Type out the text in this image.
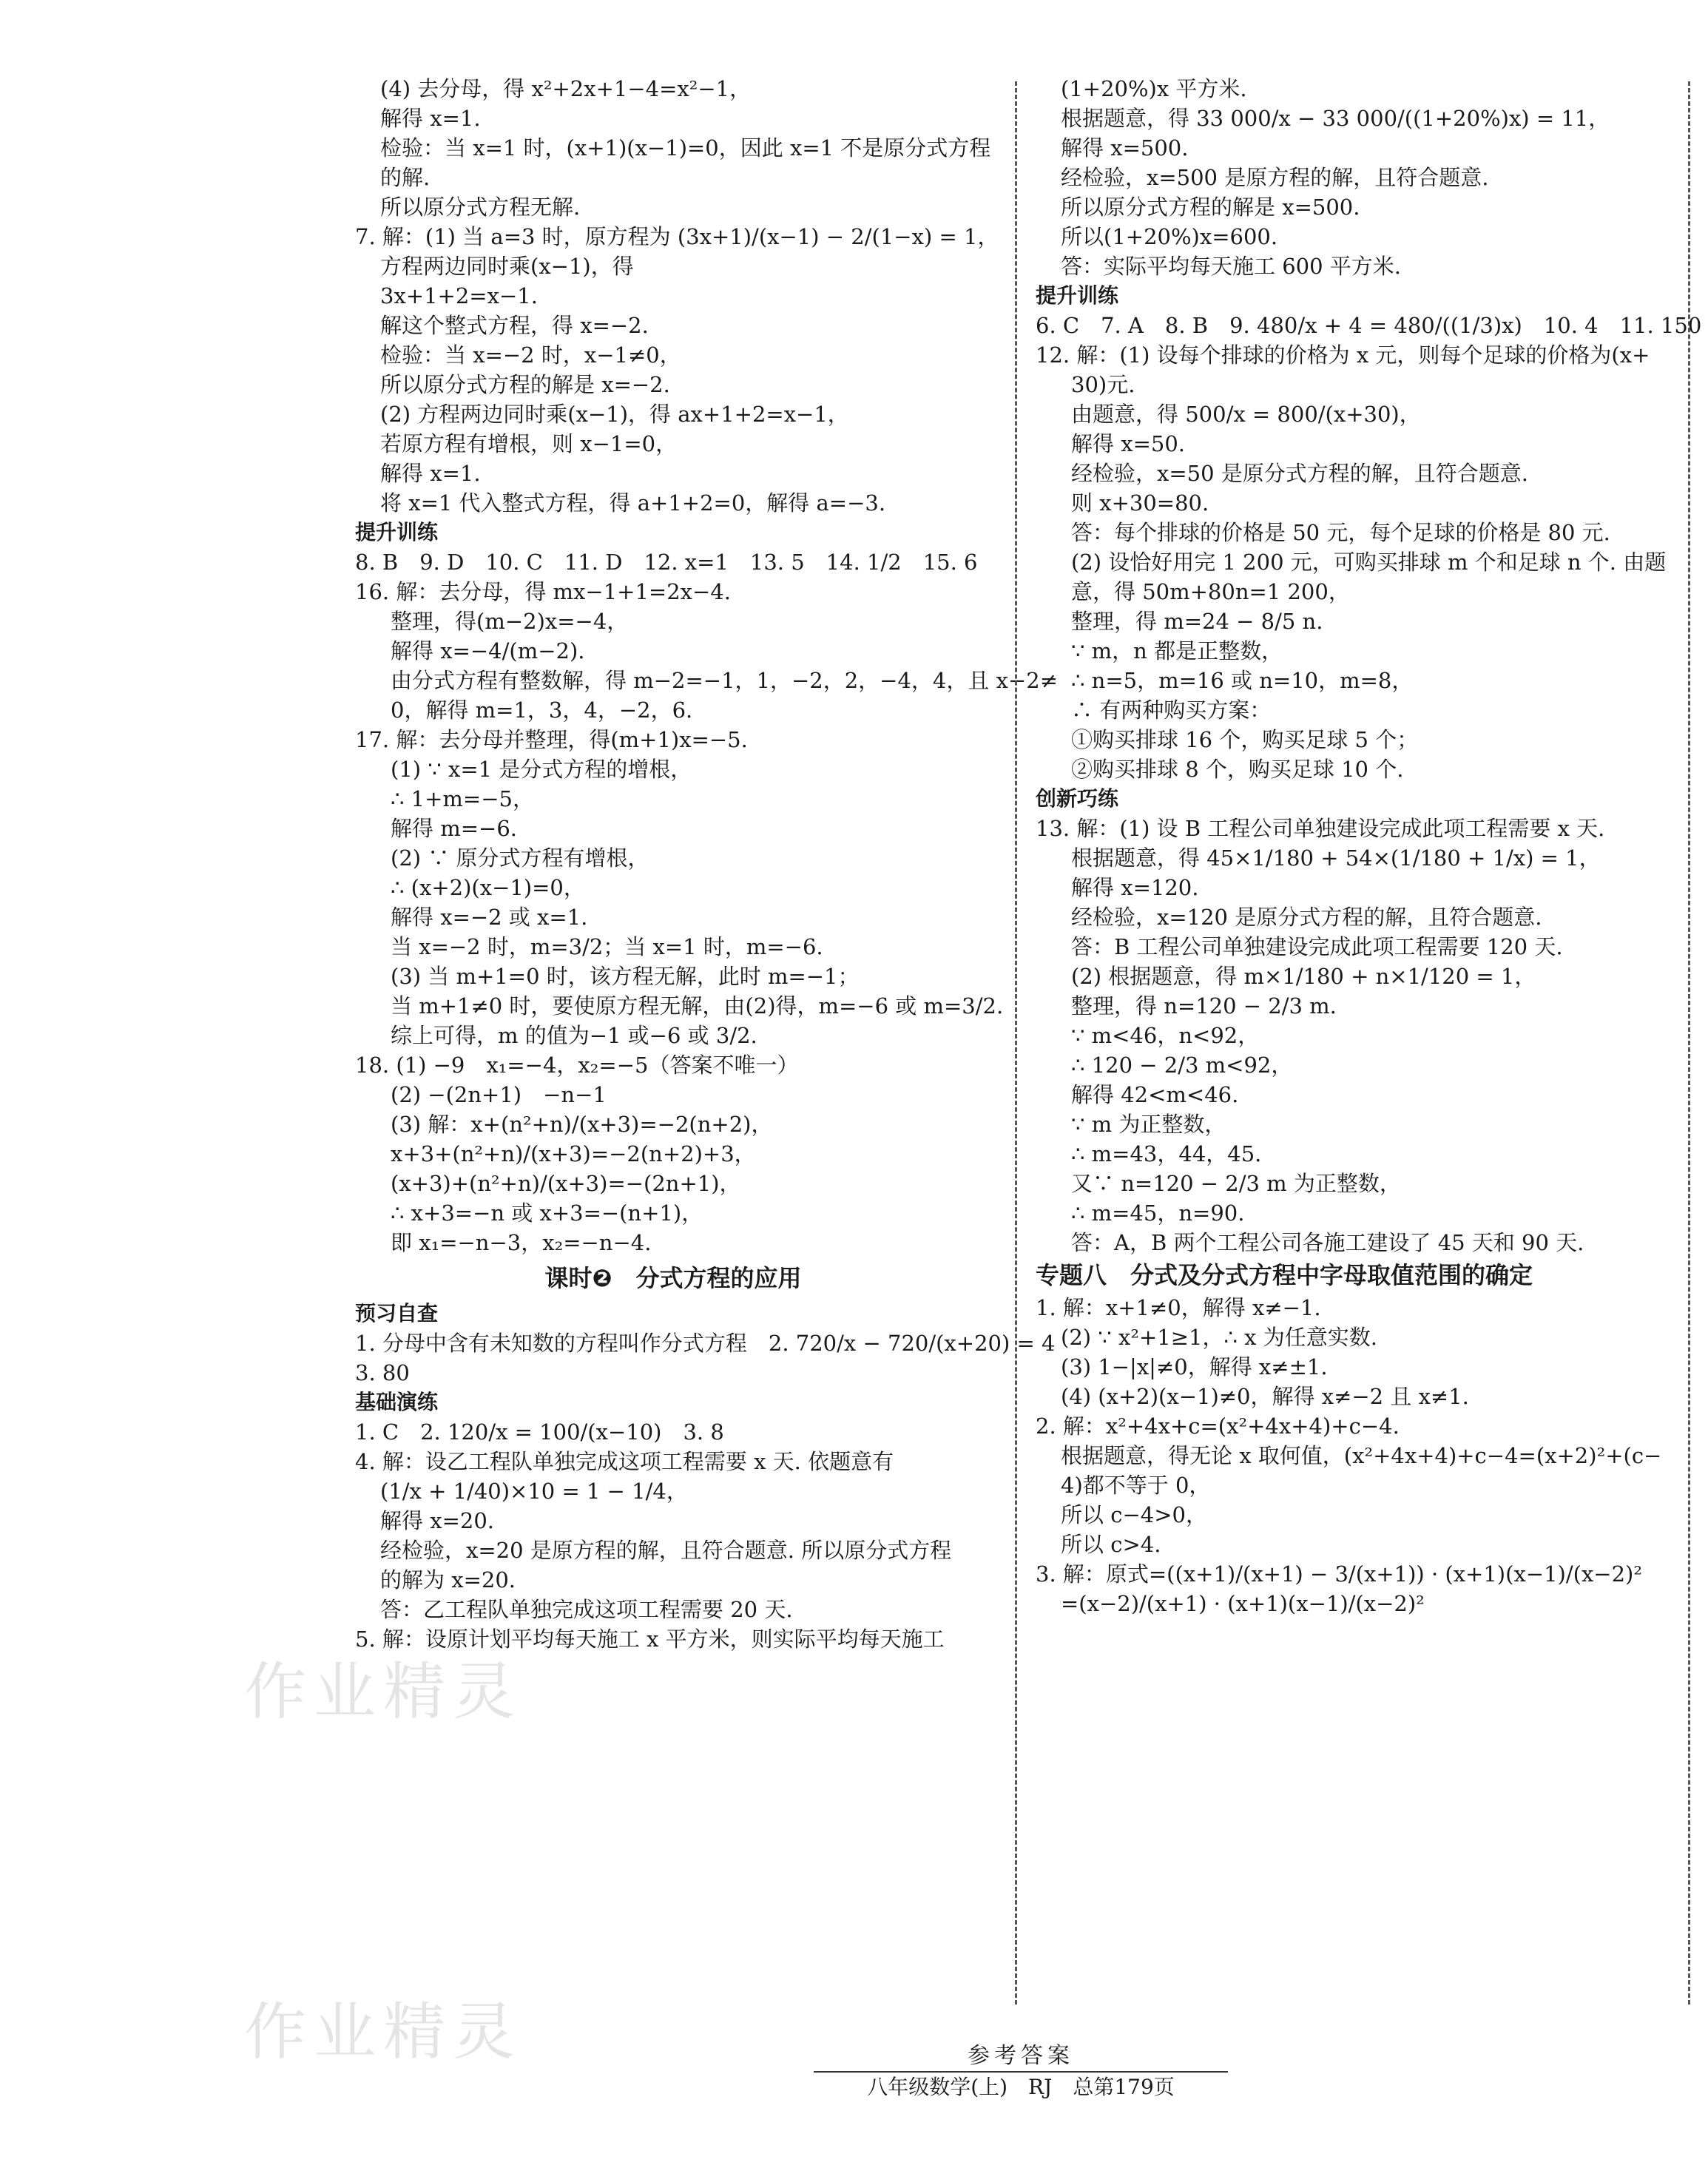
(4) 去分母，得 x²+2x+1−4=x²−1，

解得 x=1.

检验：当 x=1 时，(x+1)(x−1)=0，因此 x=1 不是原分式方程

的解.

所以原分式方程无解.

7. 解：(1) 当 a=3 时，原方程为 (3x+1)/(x−1) − 2/(1−x) = 1，

方程两边同时乘(x−1)，得

3x+1+2=x−1.

解这个整式方程，得 x=−2.

检验：当 x=−2 时，x−1≠0，

所以原分式方程的解是 x=−2.

(2) 方程两边同时乘(x−1)，得 ax+1+2=x−1，

若原方程有增根，则 x−1=0，

解得 x=1.

将 x=1 代入整式方程，得 a+1+2=0，解得 a=−3.

提升训练

8. B　9. D　10. C　11. D　12. x=1　13. 5　14. 1/2　15. 6

16. 解：去分母，得 mx−1+1=2x−4.

整理，得(m−2)x=−4，

解得 x=−4/(m−2).

由分式方程有整数解，得 m−2=−1，1，−2，2，−4，4，且 x−2≠

0，解得 m=1，3，4，−2，6.

17. 解：去分母并整理，得(m+1)x=−5.

(1) ∵ x=1 是分式方程的增根，

∴ 1+m=−5，

解得 m=−6.

(2) ∵ 原分式方程有增根，

∴ (x+2)(x−1)=0，

解得 x=−2 或 x=1.

当 x=−2 时，m=3/2；当 x=1 时，m=−6.

(3) 当 m+1=0 时，该方程无解，此时 m=−1；

当 m+1≠0 时，要使原方程无解，由(2)得，m=−6 或 m=3/2.

综上可得，m 的值为−1 或−6 或 3/2.

18. (1) −9　x₁=−4，x₂=−5（答案不唯一）

(2) −(2n+1)　−n−1

(3) 解：x+(n²+n)/(x+3)=−2(n+2)，

x+3+(n²+n)/(x+3)=−2(n+2)+3，

(x+3)+(n²+n)/(x+3)=−(2n+1)，

∴ x+3=−n 或 x+3=−(n+1)，

即 x₁=−n−3，x₂=−n−4.

课时❷　分式方程的应用

预习自查

1. 分母中含有未知数的方程叫作分式方程　2. 720/x − 720/(x+20) = 4

3. 80

基础演练

1. C　2. 120/x = 100/(x−10)　3. 8

4. 解：设乙工程队单独完成这项工程需要 x 天. 依题意有

(1/x + 1/40)×10 = 1 − 1/4，

解得 x=20.

经检验，x=20 是原方程的解，且符合题意. 所以原分式方程

的解为 x=20.

答：乙工程队单独完成这项工程需要 20 天.

5. 解：设原计划平均每天施工 x 平方米，则实际平均每天施工

(1+20%)x 平方米.

根据题意，得 33 000/x − 33 000/((1+20%)x) = 11，

解得 x=500.

经检验，x=500 是原方程的解，且符合题意.

所以原分式方程的解是 x=500.

所以(1+20%)x=600.

答：实际平均每天施工 600 平方米.

提升训练

6. C　7. A　8. B　9. 480/x + 4 = 480/((1/3)x)　10. 4　11. 150

12. 解：(1) 设每个排球的价格为 x 元，则每个足球的价格为(x+

30)元.

由题意，得 500/x = 800/(x+30)，

解得 x=50.

经检验，x=50 是原分式方程的解，且符合题意.

则 x+30=80.

答：每个排球的价格是 50 元，每个足球的价格是 80 元.

(2) 设恰好用完 1 200 元，可购买排球 m 个和足球 n 个. 由题

意，得 50m+80n=1 200，

整理，得 m=24 − 8/5 n.

∵ m，n 都是正整数，

∴ n=5，m=16 或 n=10，m=8，

∴ 有两种购买方案：

①购买排球 16 个，购买足球 5 个；

②购买排球 8 个，购买足球 10 个.

创新巧练

13. 解：(1) 设 B 工程公司单独建设完成此项工程需要 x 天.

根据题意，得 45×1/180 + 54×(1/180 + 1/x) = 1，

解得 x=120.

经检验，x=120 是原分式方程的解，且符合题意.

答：B 工程公司单独建设完成此项工程需要 120 天.

(2) 根据题意，得 m×1/180 + n×1/120 = 1，

整理，得 n=120 − 2/3 m.

∵ m<46，n<92，

∴ 120 − 2/3 m<92，

解得 42<m<46.

∵ m 为正整数，

∴ m=43，44，45.

又∵ n=120 − 2/3 m 为正整数，

∴ m=45，n=90.

答：A，B 两个工程公司各施工建设了 45 天和 90 天.

专题八　分式及分式方程中字母取值范围的确定

1. 解：x+1≠0，解得 x≠−1.

(2) ∵ x²+1≥1，∴ x 为任意实数.

(3) 1−|x|≠0，解得 x≠±1.

(4) (x+2)(x−1)≠0，解得 x≠−2 且 x≠1.

2. 解：x²+4x+c=(x²+4x+4)+c−4.

根据题意，得无论 x 取何值，(x²+4x+4)+c−4=(x+2)²+(c−

4)都不等于 0，

所以 c−4>0，

所以 c>4.

3. 解：原式=((x+1)/(x+1) − 3/(x+1)) · (x+1)(x−1)/(x−2)²

=(x−2)/(x+1) · (x+1)(x−1)/(x−2)²

作业精灵
作业精灵	参考答案
八年级数学(上)　RJ　总第179页
